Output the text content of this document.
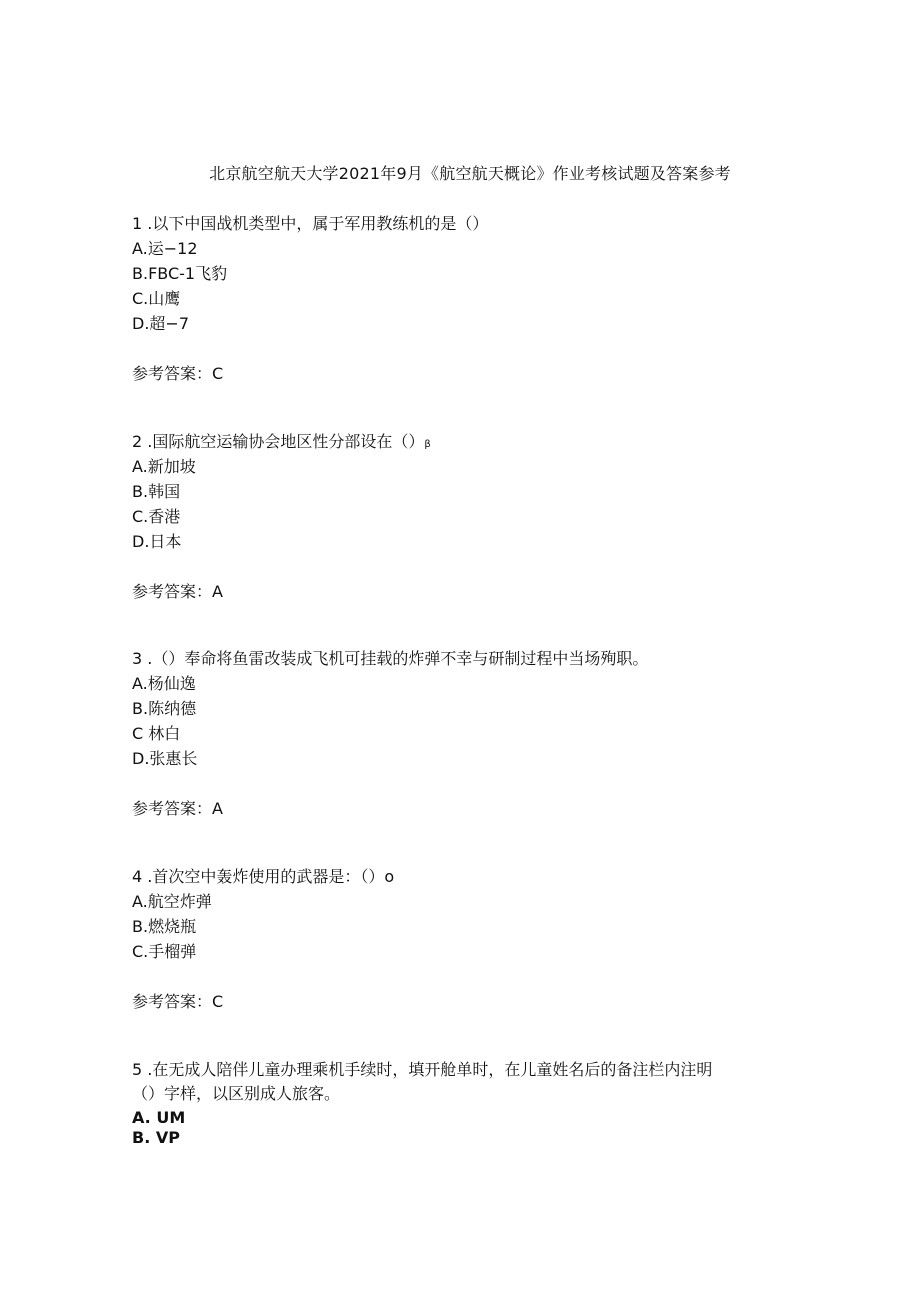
北京航空航天大学2021年9月《航空航天概论》作业考核试题及答案参考
1 .以下中国战机类型中，属于军用教练机的是（）
A.运−12
B.FBC-1飞豹
C.山鹰
D.超−7
参考答案：C
2 .国际航空运输协会地区性分部设在（）β
A.新加坡
B.韩国
C.香港
D.日本
参考答案：A
3 .（）奉命将鱼雷改装成飞机可挂载的炸弹不幸与研制过程中当场殉职。
A.杨仙逸
B.陈纳德
C 林白
D.张惠长
参考答案：A
4 .首次空中轰炸使用的武器是：（）o
A.航空炸弹
B.燃烧瓶
C.手榴弹
参考答案：C
5 .在无成人陪伴儿童办理乘机手续时，填开舱单时，在儿童姓名后的备注栏内注明
（）字样，以区别成人旅客。
A. UM
B. VP
